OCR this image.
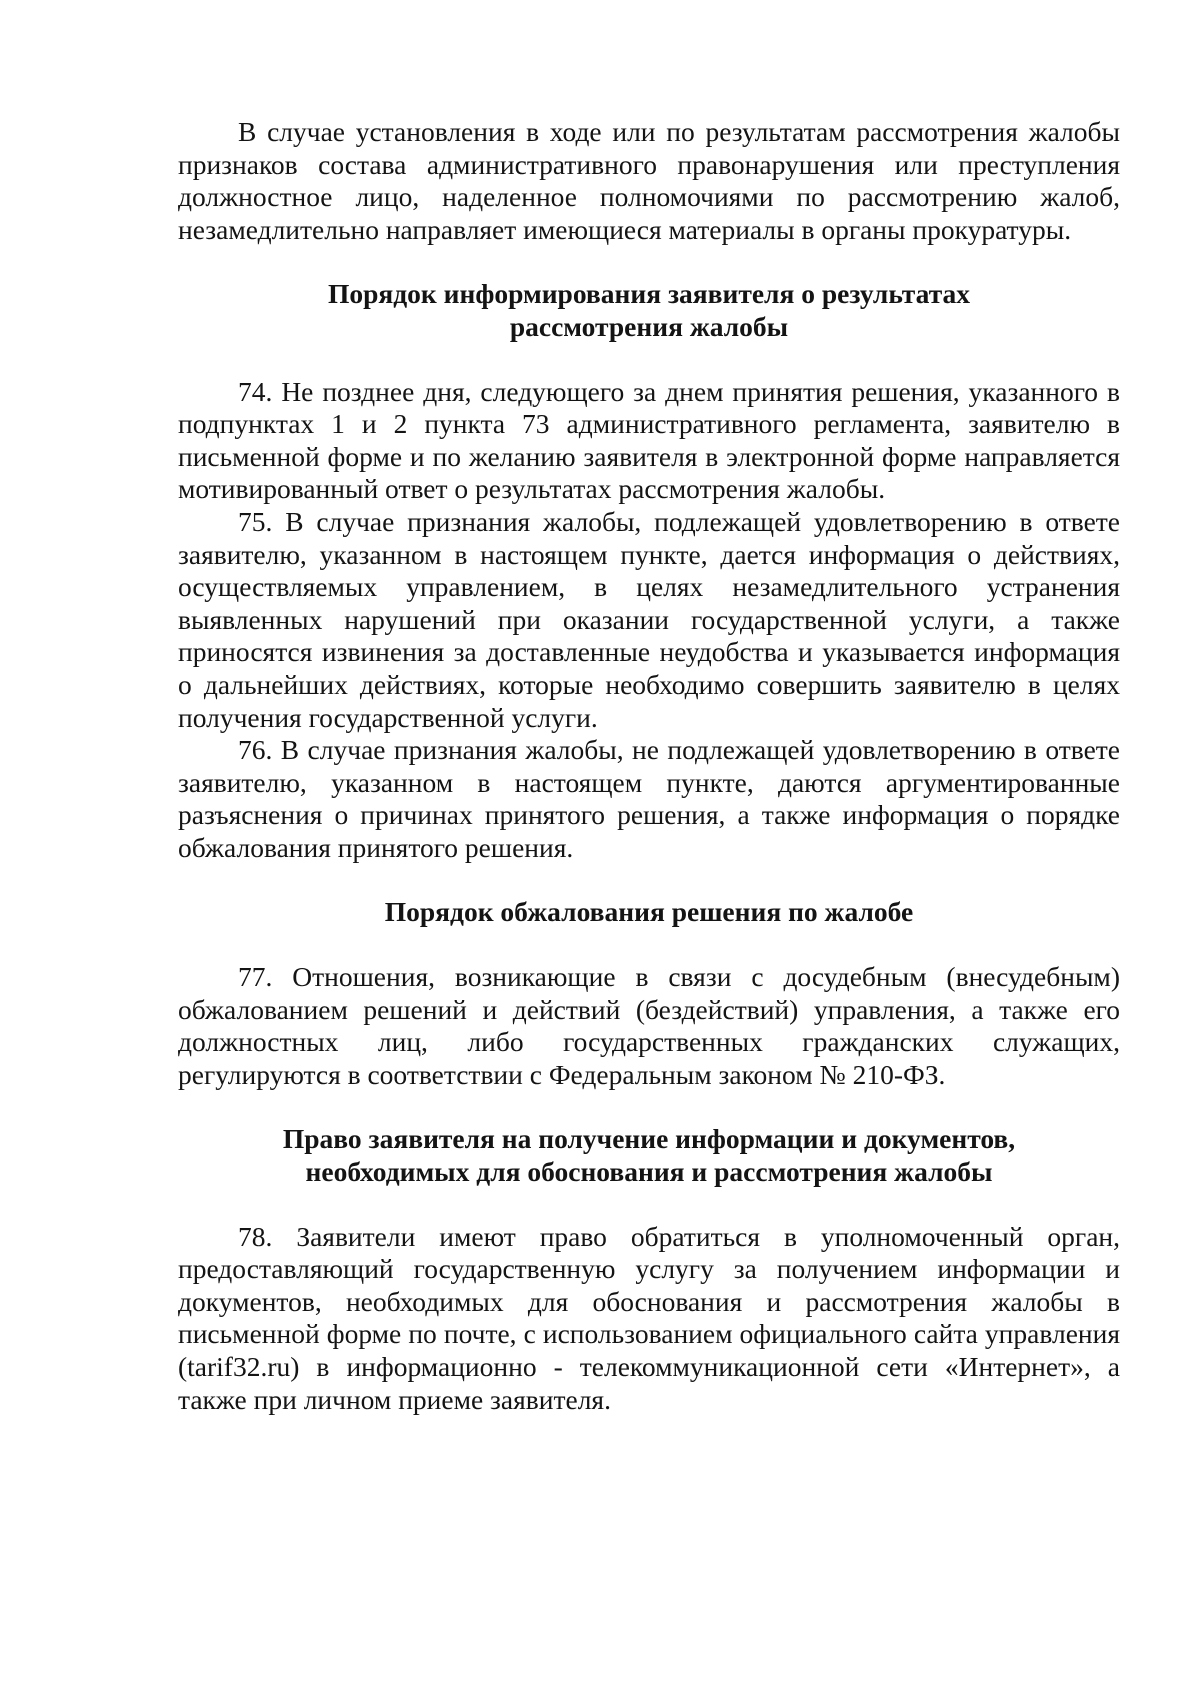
В случае установления в ходе или по результатам рассмотрения жалобы признаков состава административного правонарушения или преступления должностное лицо, наделенное полномочиями по рассмотрению жалоб, незамедлительно направляет имеющиеся материалы в органы прокуратуры.

Порядок информирования заявителя о результатах
рассмотрения жалобы

74. Не позднее дня, следующего за днем принятия решения, указанного в подпунктах 1 и 2 пункта 73 административного регламента, заявителю в письменной форме и по желанию заявителя в электронной форме направляется мотивированный ответ о результатах рассмотрения жалобы.

75. В случае признания жалобы, подлежащей удовлетворению в ответе заявителю, указанном в настоящем пункте, дается информация о действиях, осуществляемых управлением, в целях незамедлительного устранения выявленных нарушений при оказании государственной услуги, а также приносятся извинения за доставленные неудобства и указывается информация о дальнейших действиях, которые необходимо совершить заявителю в целях получения государственной услуги.

76. В случае признания жалобы, не подлежащей удовлетворению в ответе заявителю, указанном в настоящем пункте, даются аргументированные разъяснения о причинах принятого решения, а также информация о порядке обжалования принятого решения.

Порядок обжалования решения по жалобе

77. Отношения, возникающие в связи с досудебным (внесудебным) обжалованием решений и действий (бездействий) управления, а также его должностных лиц, либо государственных гражданских служащих, регулируются в соответствии с Федеральным законом № 210-ФЗ.

Право заявителя на получение информации и документов,
необходимых для обоснования и рассмотрения жалобы

78. Заявители имеют право обратиться в уполномоченный орган, предоставляющий государственную услугу за получением информации и документов, необходимых для обоснования и рассмотрения жалобы в письменной форме по почте, с использованием официального сайта управления (tarif32.ru) в информационно - телекоммуникационной сети «Интернет», а также при личном приеме заявителя.
